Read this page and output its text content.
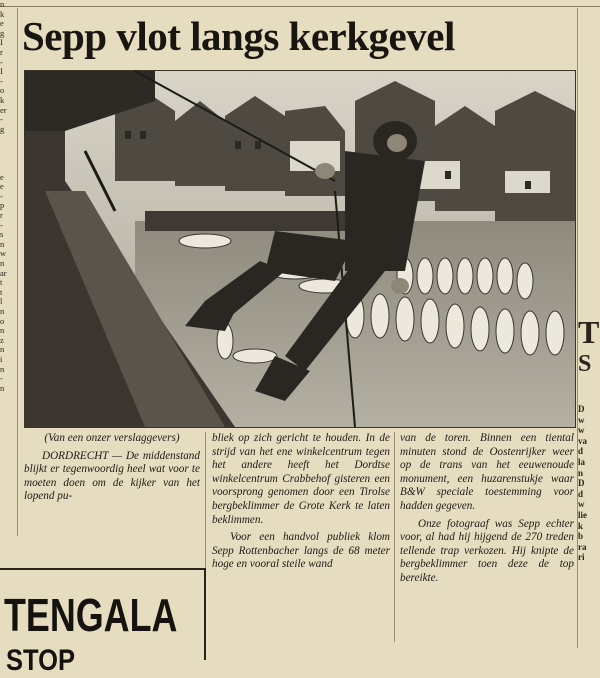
n
k
e
g
I
r
-
I
-
o
k
er
-
g

e
e
-
p
r
-
s
n
w
n
ar
t
t
l
n
o
n
z
n
i
n
-
n
Sepp vlot langs kerkgevel
(Van een onzer verslaggevers)
DORDRECHT — De middenstand blijkt er tegenwoordig heel wat voor te moeten doen om de kijker van het lopend pu-

bliek op zich gericht te houden. In de strijd van het ene winkelcentrum tegen het andere heeft het Dordtse winkelcentrum Crabbehof gisteren een voorsprong genomen door een Tirolse bergbeklimmer de Grote Kerk te laten beklimmen.

Voor een handvol publiek klom Sepp Rottenbacher langs de 68 meter hoge en vooral steile wand

van de toren. Binnen een tiental minuten stond de Oostenrijker weer op de trans van het eeuwenoude monument, een huzarenstukje waar B&W speciale toestemming voor hadden gegeven.

Onze fotograaf was Sepp echter voor, al had hij hijgend de 270 treden tellende trap verkozen. Hij knipte de bergbeklimmer toen deze de top bereikte.

T
S
D
w
w
va
d
la
n
D
d
w
lie
k
b
ra
ri
TENGALA
STOP
